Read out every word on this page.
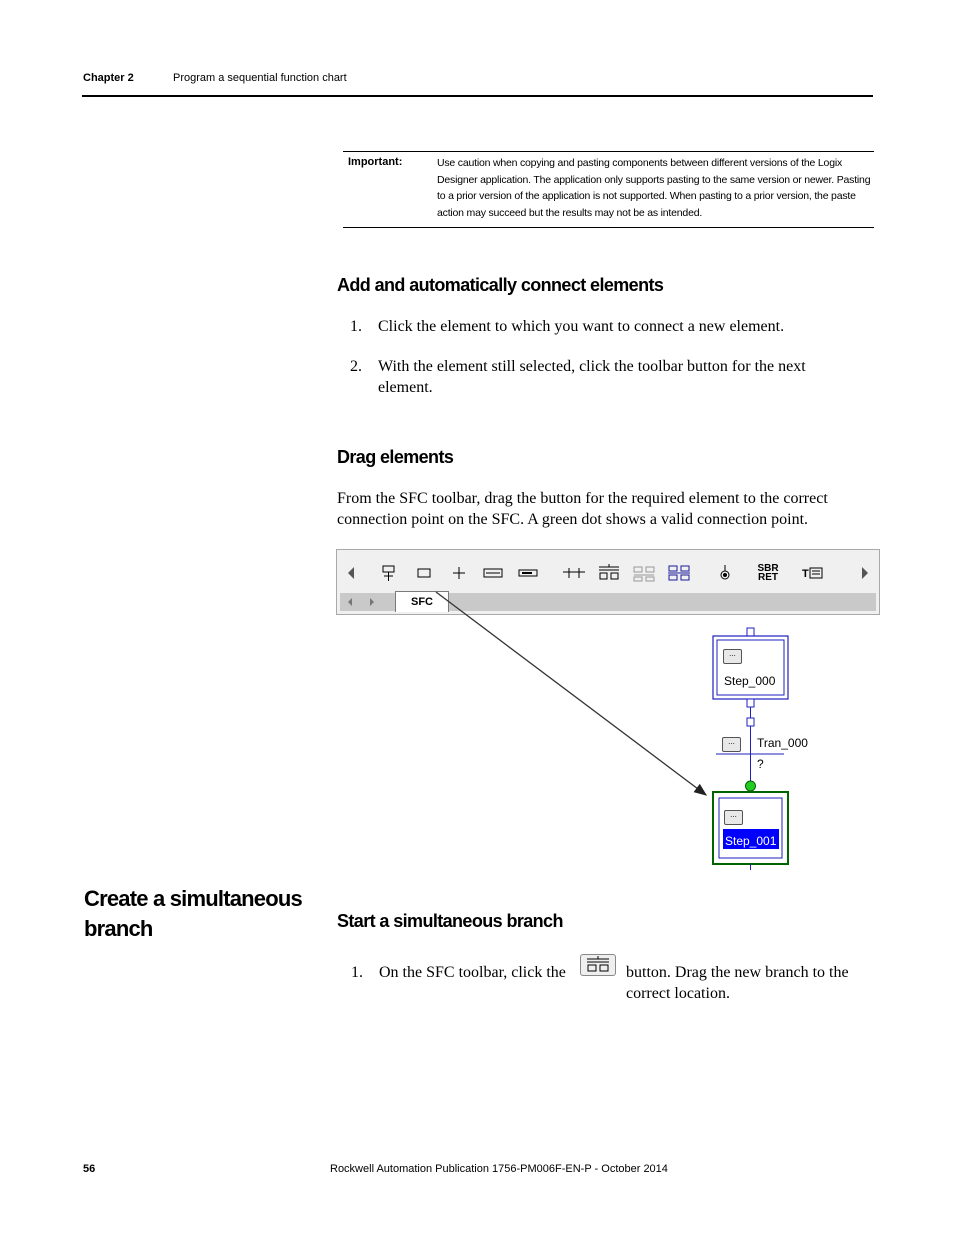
Chapter 2	Program a sequential function chart
Important:	Use caution when copying and pasting components between different versions of the Logix Designer application. The application only supports pasting to the same version or newer. Pasting to a prior version of the application is not supported. When pasting to a prior version, the paste action may succeed but the results may not be as intended.
Add and automatically connect elements
1.	Click the element to which you want to connect a new element.
2.	With the element still selected, click the toolbar button for the next element.
Drag elements
From the SFC toolbar, drag the button for the required element to the correct connection point on the SFC. A green dot shows a valid connection point.
SBR
RET T
SFC
...
Step_000
...	Tran_000
?
...
Step_001
Create a simultaneous branch	Start a simultaneous branch
1.	On the SFC toolbar, click the	button. Drag the new branch to the correct location.
56	Rockwell Automation Publication 1756-PM006F-EN-P - October 2014
